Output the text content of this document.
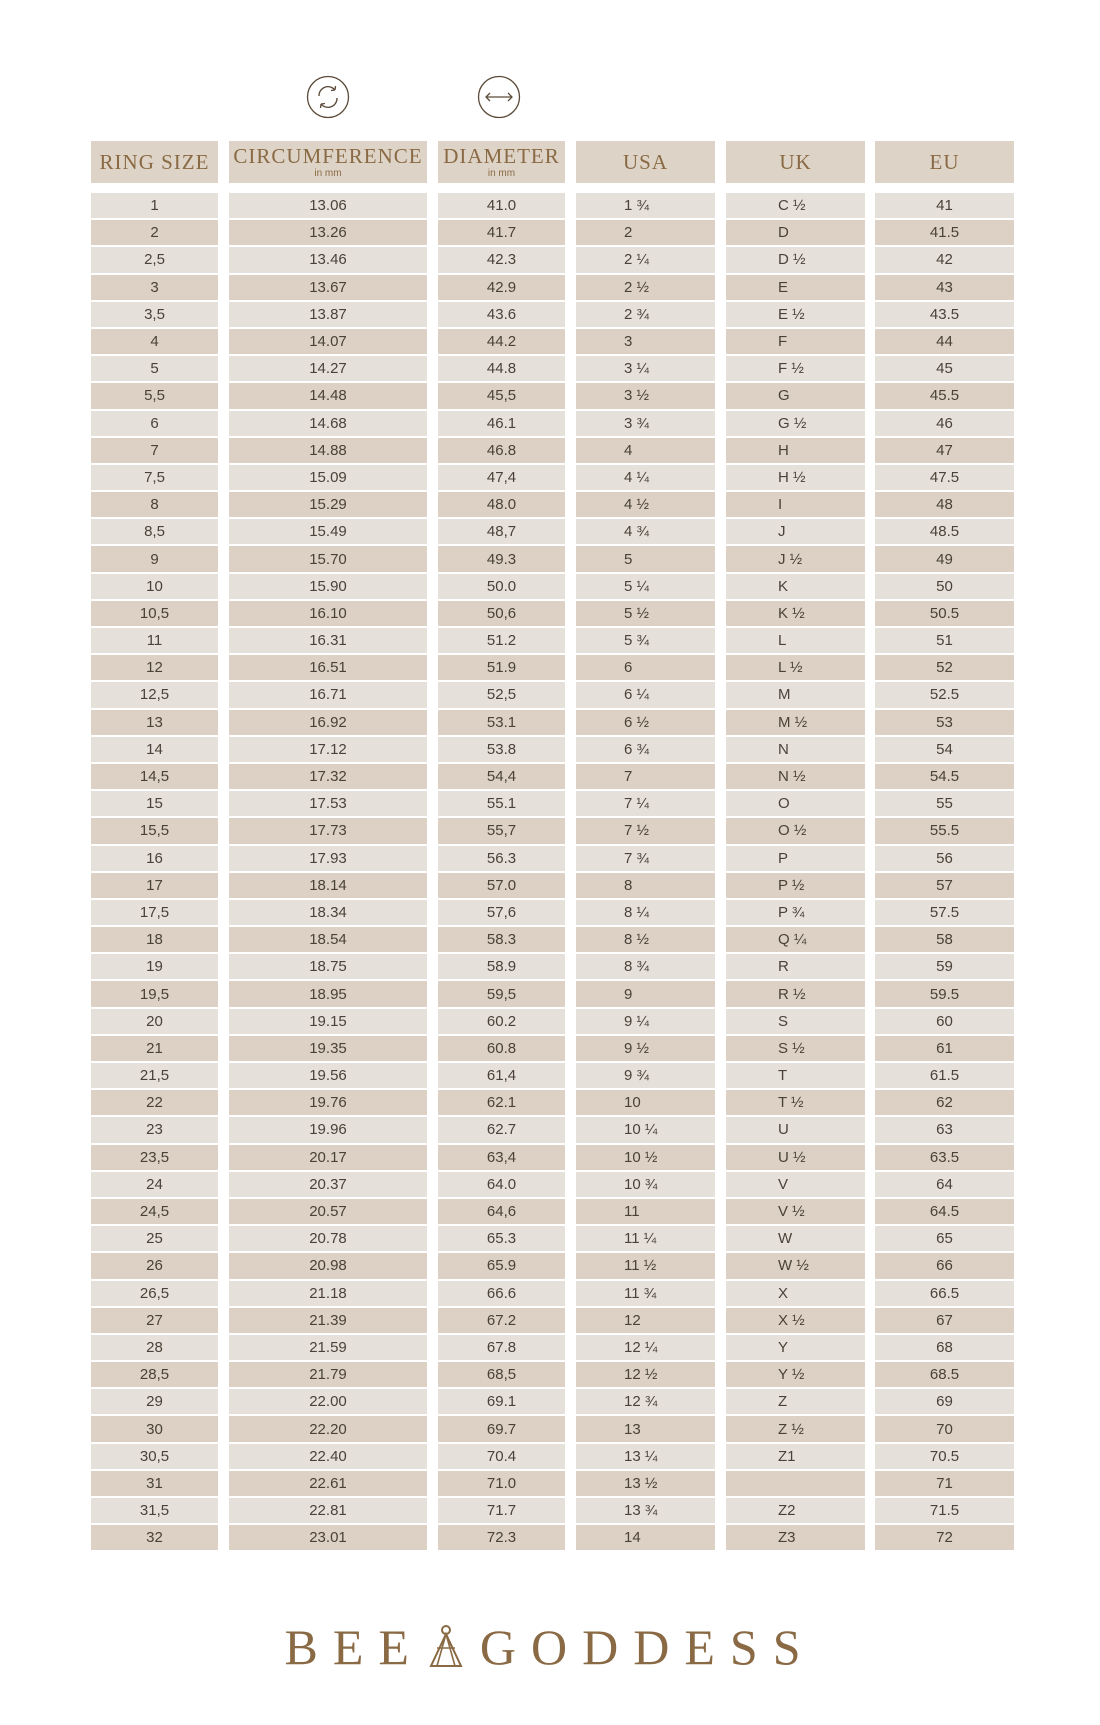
RING SIZE
1
2
2,5
3
3,5
4
5
5,5
6
7
7,5
8
8,5
9
10
10,5
11
12
12,5
13
14
14,5
15
15,5
16
17
17,5
18
19
19,5
20
21
21,5
22
23
23,5
24
24,5
25
26
26,5
27
28
28,5
29
30
30,5
31
31,5
32
CIRCUMFERENCE
in mm
13.06
13.26
13.46
13.67
13.87
14.07
14.27
14.48
14.68
14.88
15.09
15.29
15.49
15.70
15.90
16.10
16.31
16.51
16.71
16.92
17.12
17.32
17.53
17.73
17.93
18.14
18.34
18.54
18.75
18.95
19.15
19.35
19.56
19.76
19.96
20.17
20.37
20.57
20.78
20.98
21.18
21.39
21.59
21.79
22.00
22.20
22.40
22.61
22.81
23.01
DIAMETER
in mm
41.0
41.7
42.3
42.9
43.6
44.2
44.8
45,5
46.1
46.8
47,4
48.0
48,7
49.3
50.0
50,6
51.2
51.9
52,5
53.1
53.8
54,4
55.1
55,7
56.3
57.0
57,6
58.3
58.9
59,5
60.2
60.8
61,4
62.1
62.7
63,4
64.0
64,6
65.3
65.9
66.6
67.2
67.8
68,5
69.1
69.7
70.4
71.0
71.7
72.3
USA
1 ¾
2
2 ¼
2 ½
2 ¾
3
3 ¼
3 ½
3 ¾
4
4 ¼
4 ½
4 ¾
5
5 ¼
5 ½
5 ¾
6
6 ¼
6 ½
6 ¾
7
7 ¼
7 ½
7 ¾
8
8 ¼
8 ½
8 ¾
9
9 ¼
9 ½
9 ¾
10
10 ¼
10 ½
10 ¾
11
11 ¼
11 ½
11 ¾
12
12 ¼
12 ½
12 ¾
13
13 ¼
13 ½
13 ¾
14
UK
C ½
D
D ½
E
E ½
F
F ½
G
G ½
H
H ½
I
J
J ½
K
K ½
L
L ½
M
M ½
N
N ½
O
O ½
P
P ½
P ¾
Q ¼
R
R ½
S
S ½
T
T ½
U
U ½
V
V ½
W
W ½
X
X ½
Y
Y ½
Z
Z ½
Z1
Z2
Z3
EU
41
41.5
42
43
43.5
44
45
45.5
46
47
47.5
48
48.5
49
50
50.5
51
52
52.5
53
54
54.5
55
55.5
56
57
57.5
58
59
59.5
60
61
61.5
62
63
63.5
64
64.5
65
66
66.5
67
68
68.5
69
70
70.5
71
71.5
72
BEE GODDESS
